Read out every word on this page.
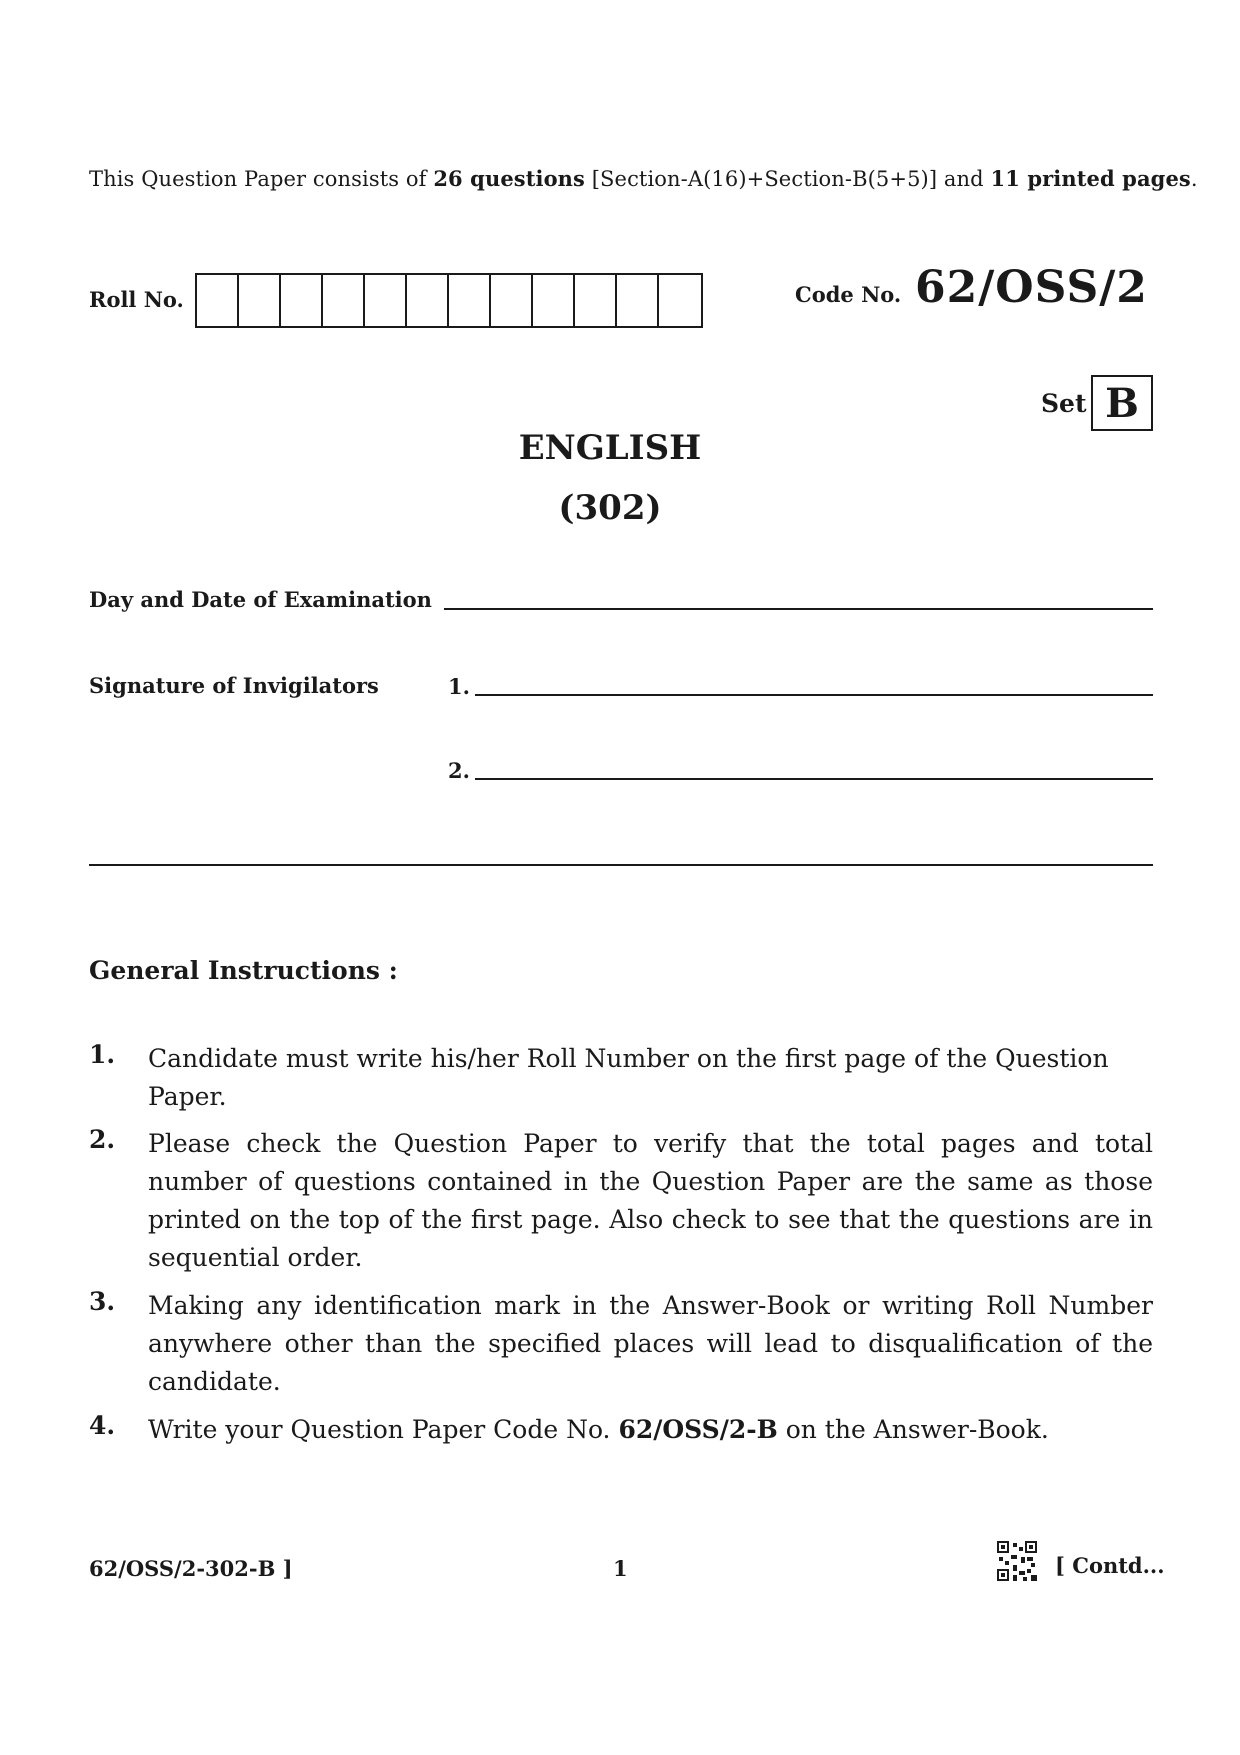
This Question Paper consists of 26 questions [Section-A(16)+Section-B(5+5)] and 11 printed pages.
Roll No.	Code No. 62/OSS/2
Set B
ENGLISH
(302)
Day and Date of Examination
Signature of Invigilators	1.
2.
General Instructions :
1. Candidate must write his/her Roll Number on the first page of the Question Paper.
2. Please check the Question Paper to verify that the total pages and total number of questions contained in the Question Paper are the same as those printed on the top of the first page. Also check to see that the questions are in sequential order.
3. Making any identification mark in the Answer-Book or writing Roll Number anywhere other than the specified places will lead to disqualification of the candidate.
4. Write your Question Paper Code No. 62/OSS/2-B on the Answer-Book.
62/OSS/2-302-B ]	1	[ Contd...
